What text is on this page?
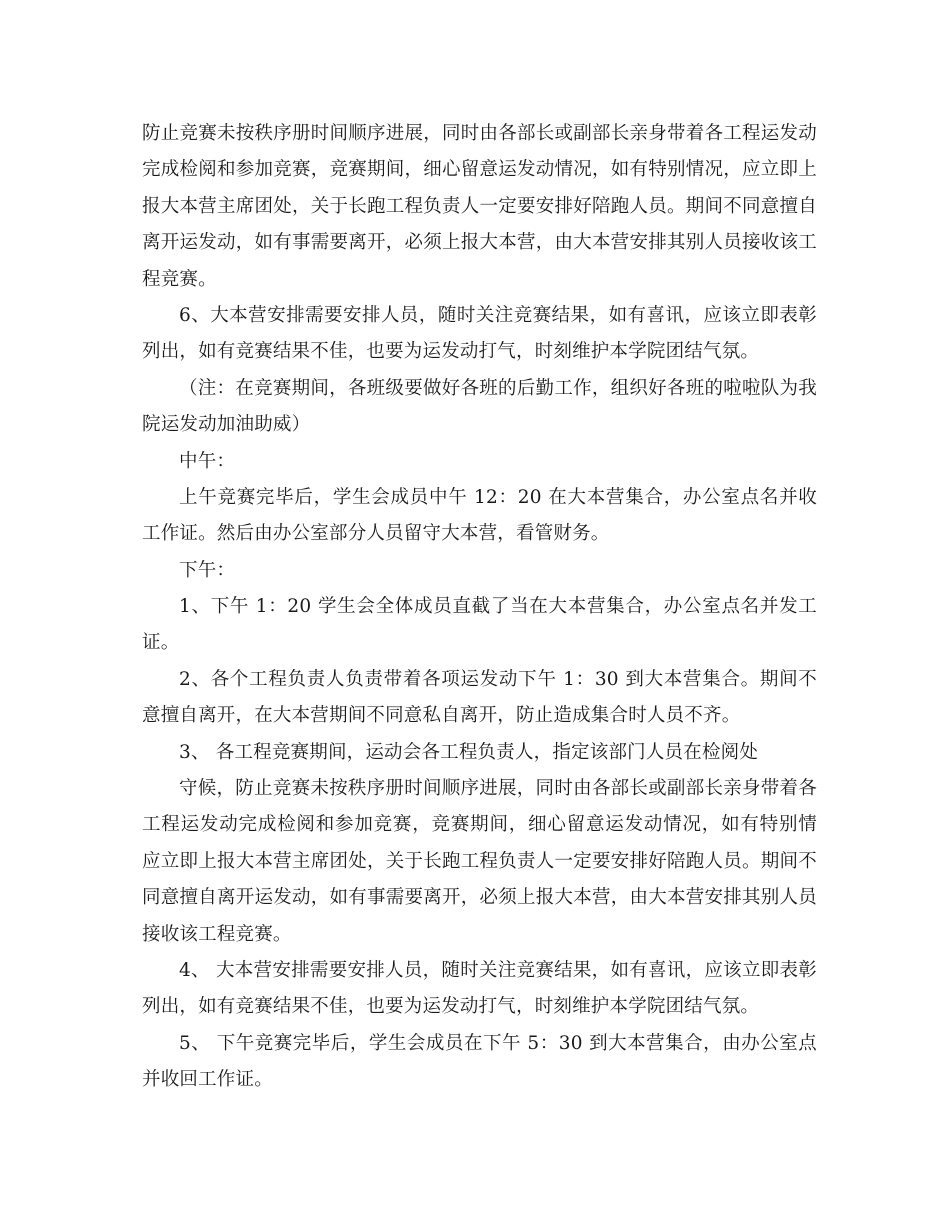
防止竞赛未按秩序册时间顺序进展，同时由各部长或副部长亲身带着各工程运发动
完成检阅和参加竞赛，竞赛期间，细心留意运发动情况，如有特别情况，应立即上
报大本营主席团处，关于长跑工程负责人一定要安排好陪跑人员。期间不同意擅自
离开运发动，如有事需要离开，必须上报大本营，由大本营安排其别人员接收该工
程竞赛。
6、大本营安排需要安排人员，随时关注竞赛结果，如有喜讯，应该立即表彰
列出，如有竞赛结果不佳，也要为运发动打气，时刻维护本学院团结气氛。
（注：在竞赛期间，各班级要做好各班的后勤工作，组织好各班的啦啦队为我
院运发动加油助威）
中午：
上午竞赛完毕后，学生会成员中午 12：20 在大本营集合，办公室点名并收
工作证。然后由办公室部分人员留守大本营，看管财务。
下午：
1、下午 1：20 学生会全体成员直截了当在大本营集合，办公室点名并发工
证。
2、各个工程负责人负责带着各项运发动下午 1：30 到大本营集合。期间不
意擅自离开，在大本营期间不同意私自离开，防止造成集合时人员不齐。
3、 各工程竞赛期间，运动会各工程负责人，指定该部门人员在检阅处
守候，防止竞赛未按秩序册时间顺序进展，同时由各部长或副部长亲身带着各
工程运发动完成检阅和参加竞赛，竞赛期间，细心留意运发动情况，如有特别情
应立即上报大本营主席团处，关于长跑工程负责人一定要安排好陪跑人员。期间不
同意擅自离开运发动，如有事需要离开，必须上报大本营，由大本营安排其别人员
接收该工程竞赛。
4、 大本营安排需要安排人员，随时关注竞赛结果，如有喜讯，应该立即表彰
列出，如有竞赛结果不佳，也要为运发动打气，时刻维护本学院团结气氛。
5、 下午竞赛完毕后，学生会成员在下午 5：30 到大本营集合，由办公室点
并收回工作证。
